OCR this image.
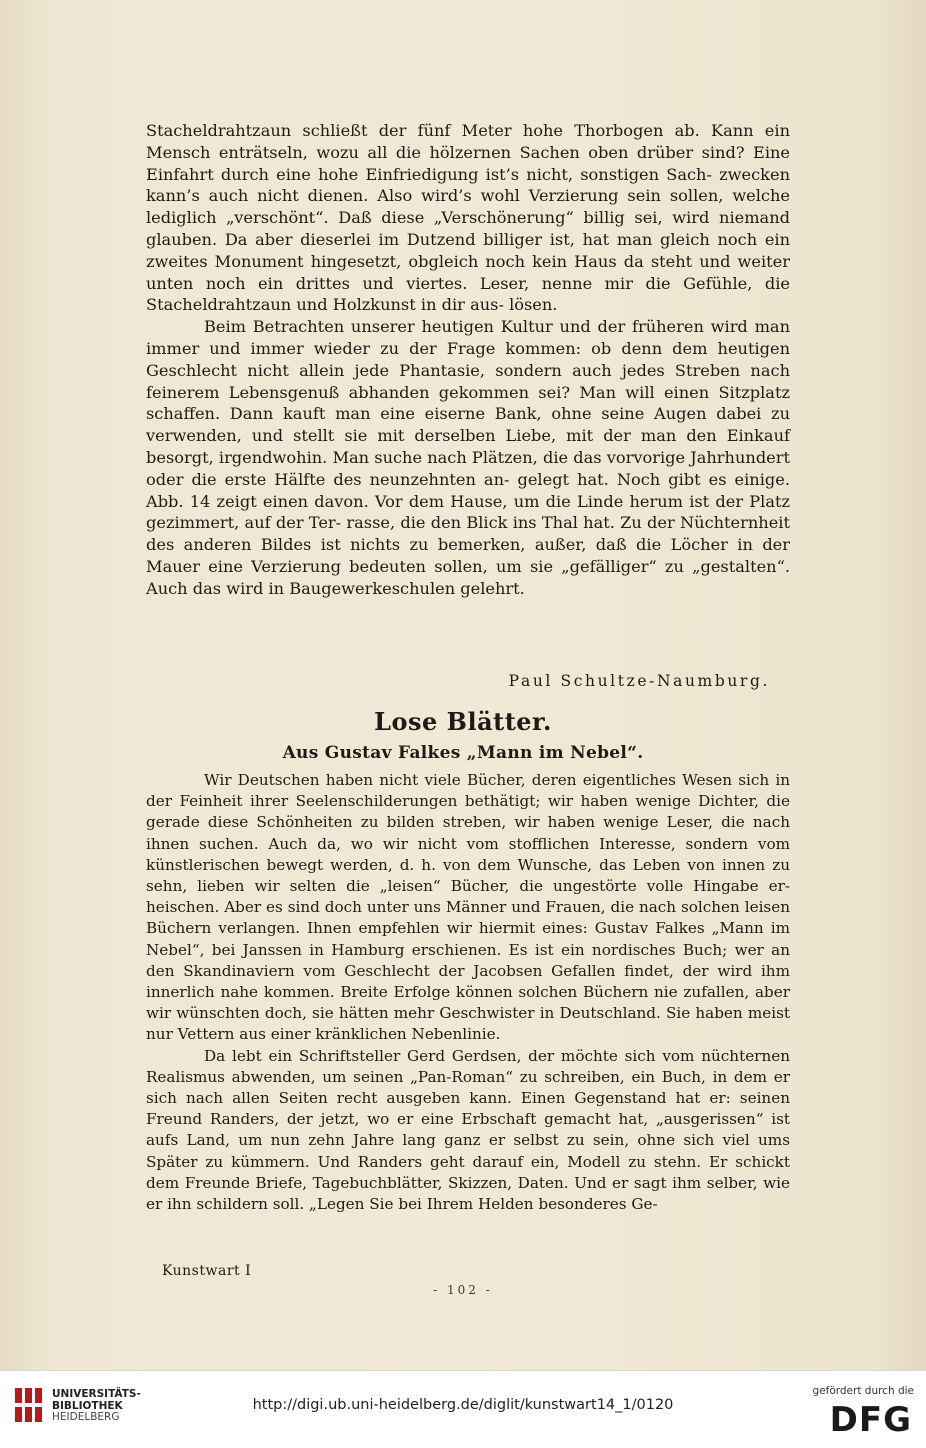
Stacheldrahtzaun schließt der fünf Meter hohe Thorbogen ab. Kann ein Mensch enträtseln, wozu all die hölzernen Sachen oben drüber sind? Eine Einfahrt durch eine hohe Einfriedigung ist’s nicht, sonstigen Sach- zwecken kann’s auch nicht dienen. Also wird’s wohl Verzierung sein sollen, welche lediglich „verschönt“. Daß diese „Verschönerung“ billig sei, wird niemand glauben. Da aber dieserlei im Dutzend billiger ist, hat man gleich noch ein zweites Monument hingesetzt, obgleich noch kein Haus da steht und weiter unten noch ein drittes und viertes. Leser, nenne mir die Gefühle, die Stacheldrahtzaun und Holzkunst in dir aus- lösen.

Beim Betrachten unserer heutigen Kultur und der früheren wird man immer und immer wieder zu der Frage kommen: ob denn dem heutigen Geschlecht nicht allein jede Phantasie, sondern auch jedes Streben nach feinerem Lebensgenuß abhanden gekommen sei? Man will einen Sitzplatz schaffen. Dann kauft man eine eiserne Bank, ohne seine Augen dabei zu verwenden, und stellt sie mit derselben Liebe, mit der man den Einkauf besorgt, irgendwohin. Man suche nach Plätzen, die das vorvorige Jahrhundert oder die erste Hälfte des neunzehnten an- gelegt hat. Noch gibt es einige. Abb. 14 zeigt einen davon. Vor dem Hause, um die Linde herum ist der Platz gezimmert, auf der Ter- rasse, die den Blick ins Thal hat. Zu der Nüchternheit des anderen Bildes ist nichts zu bemerken, außer, daß die Löcher in der Mauer eine Verzierung bedeuten sollen, um sie „gefälliger“ zu „gestalten“. Auch das wird in Baugewerkeschulen gelehrt.

Paul Schultze-Naumburg.
Lose Blätter.
Aus Gustav Falkes „Mann im Nebel“.

Wir Deutschen haben nicht viele Bücher, deren eigentliches Wesen sich in der Feinheit ihrer Seelenschilderungen bethätigt; wir haben wenige Dichter, die gerade diese Schönheiten zu bilden streben, wir haben wenige Leser, die nach ihnen suchen. Auch da, wo wir nicht vom stofflichen Interesse, sondern vom künstlerischen bewegt werden, d. h. von dem Wunsche, das Leben von innen zu sehn, lieben wir selten die „leisen“ Bücher, die ungestörte volle Hingabe er- heischen. Aber es sind doch unter uns Männer und Frauen, die nach solchen leisen Büchern verlangen. Ihnen empfehlen wir hiermit eines: Gustav Falkes „Mann im Nebel“, bei Janssen in Hamburg erschienen. Es ist ein nordisches Buch; wer an den Skandinaviern vom Geschlecht der Jacobsen Gefallen findet, der wird ihm innerlich nahe kommen. Breite Erfolge können solchen Büchern nie zufallen, aber wir wünschten doch, sie hätten mehr Geschwister in Deutschland. Sie haben meist nur Vettern aus einer kränklichen Nebenlinie.

Da lebt ein Schriftsteller Gerd Gerdsen, der möchte sich vom nüchternen Realismus abwenden, um seinen „Pan-Roman“ zu schreiben, ein Buch, in dem er sich nach allen Seiten recht ausgeben kann. Einen Gegenstand hat er: seinen Freund Randers, der jetzt, wo er eine Erbschaft gemacht hat, „ausgerissen“ ist aufs Land, um nun zehn Jahre lang ganz er selbst zu sein, ohne sich viel ums Später zu kümmern. Und Randers geht darauf ein, Modell zu stehn. Er schickt dem Freunde Briefe, Tagebuchblätter, Skizzen, Daten. Und er sagt ihm selber, wie er ihn schildern soll. „Legen Sie bei Ihrem Helden besonderes Ge-

Kunstwart I
- 102 -
UNIVERSITÄTS-
BIBLIOTHEK
HEIDELBERG
http://digi.ub.uni-heidelberg.de/diglit/kunstwart14_1/0120
gefördert durch die
DFG
